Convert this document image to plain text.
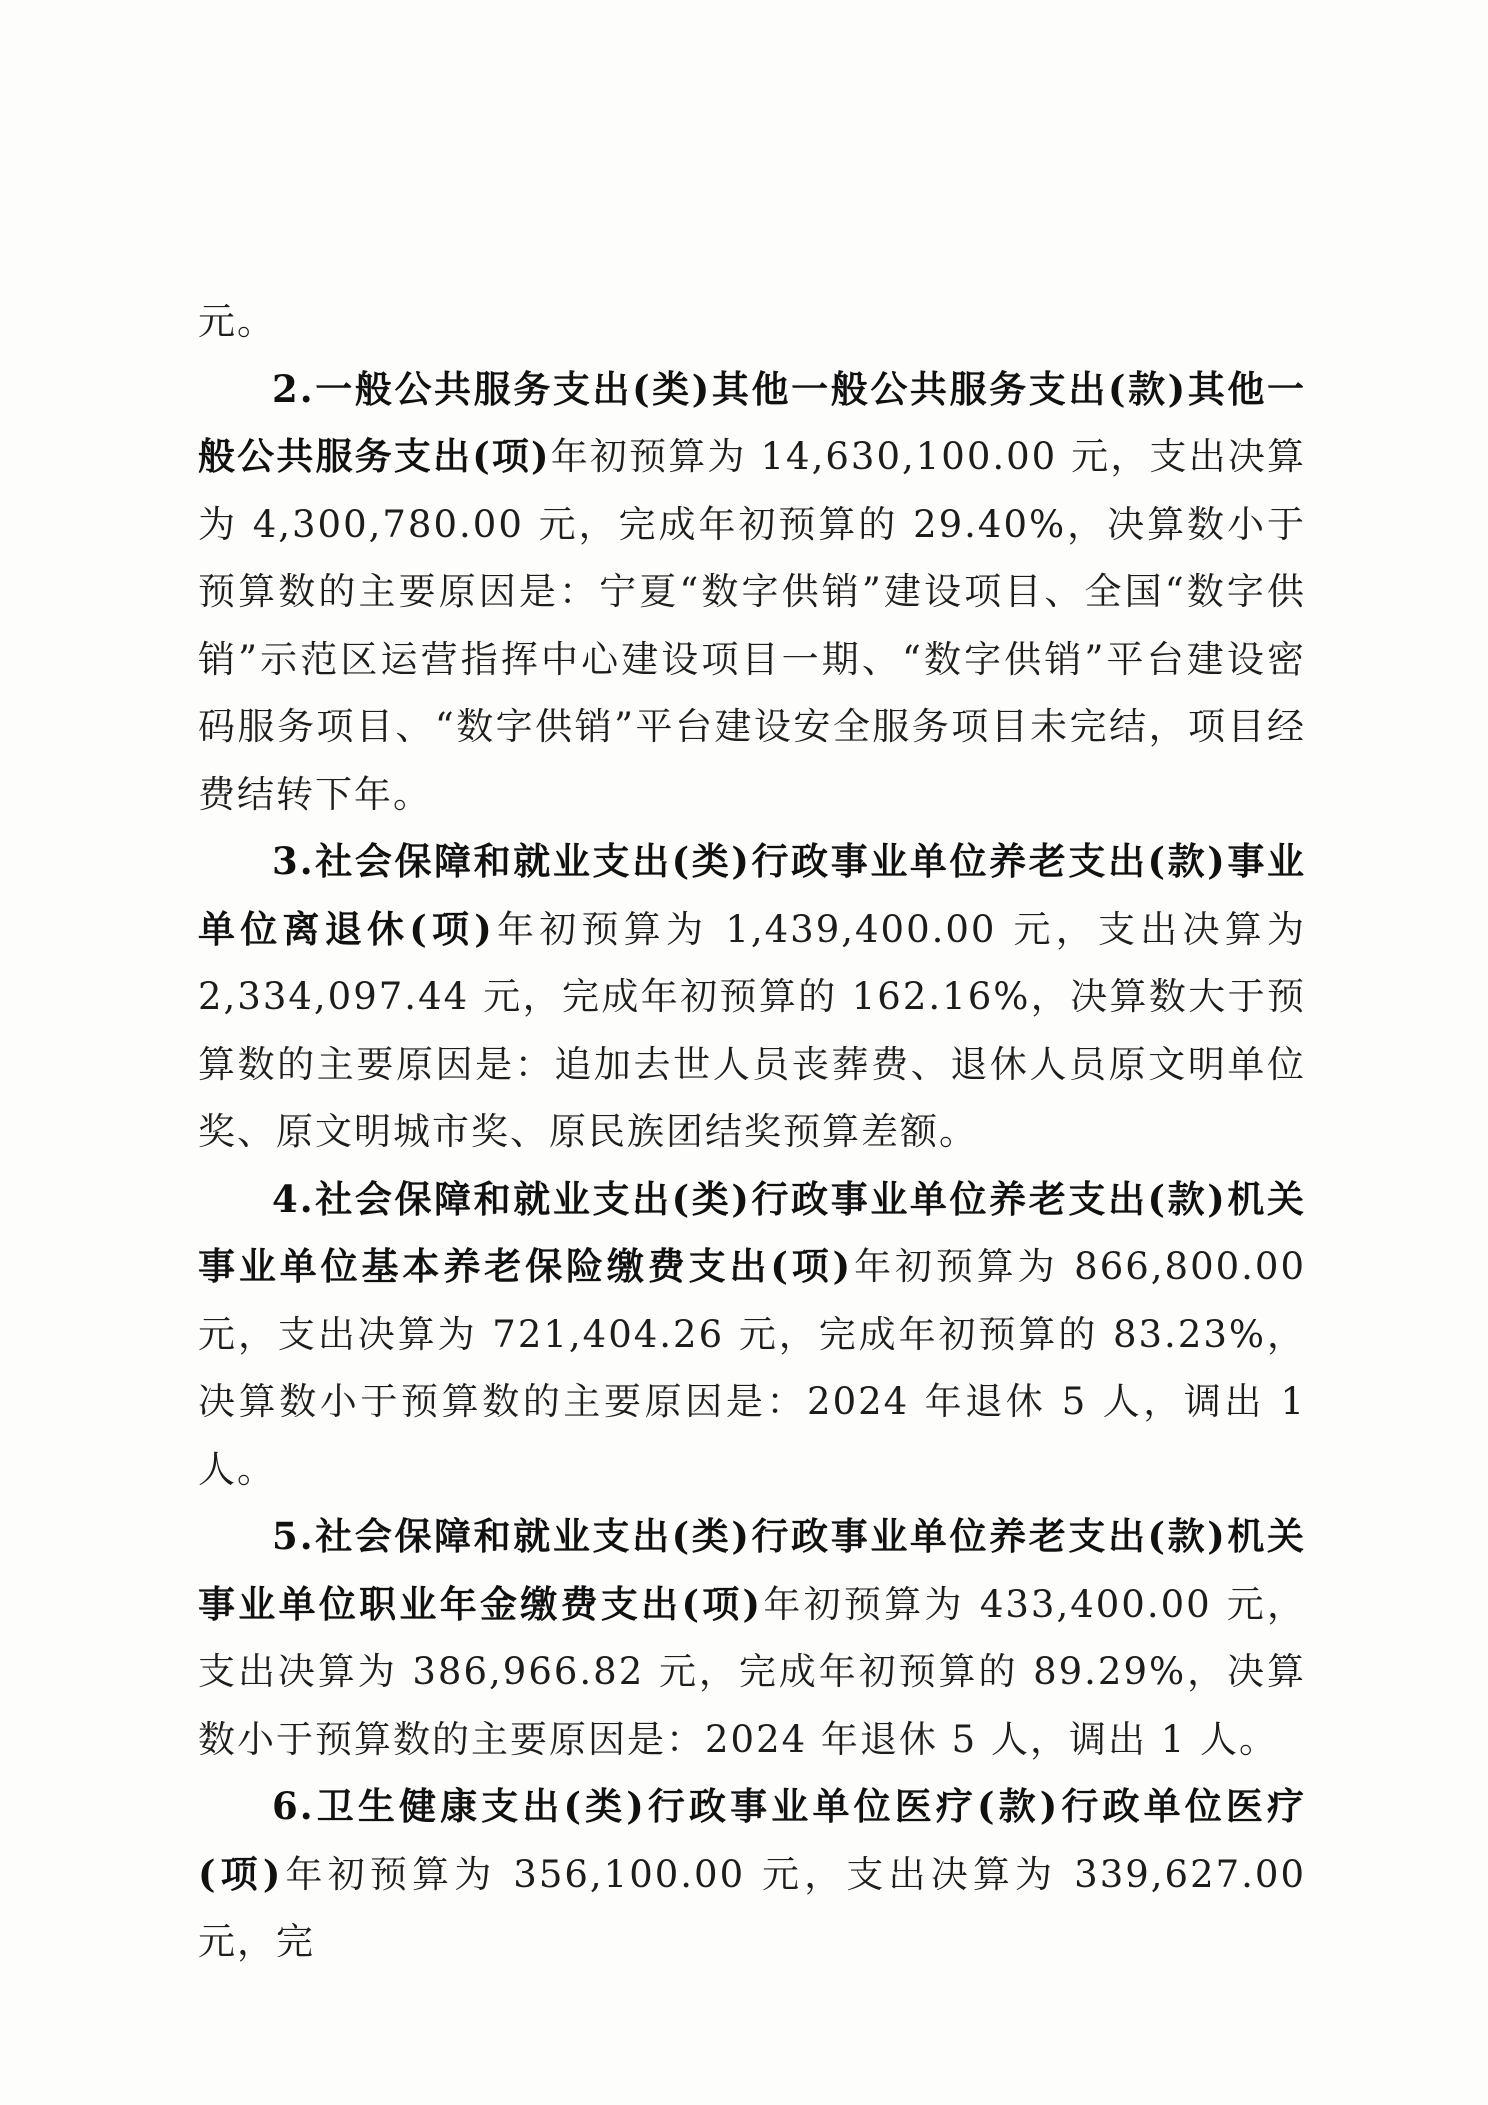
元。

2.一般公共服务支出(类)其他一般公共服务支出(款)其他一般公共服务支出(项)年初预算为 14,630,100.00 元，支出决算为 4,300,780.00 元，完成年初预算的 29.40%，决算数小于预算数的主要原因是：宁夏“数字供销”建设项目、全国“数字供销”示范区运营指挥中心建设项目一期、“数字供销”平台建设密码服务项目、“数字供销”平台建设安全服务项目未完结，项目经费结转下年。

3.社会保障和就业支出(类)行政事业单位养老支出(款)事业单位离退休(项)年初预算为 1,439,400.00 元，支出决算为 2,334,097.44 元，完成年初预算的 162.16%，决算数大于预算数的主要原因是：追加去世人员丧葬费、退休人员原文明单位奖、原文明城市奖、原民族团结奖预算差额。

4.社会保障和就业支出(类)行政事业单位养老支出(款)机关事业单位基本养老保险缴费支出(项)年初预算为 866,800.00 元，支出决算为 721,404.26 元，完成年初预算的 83.23%，决算数小于预算数的主要原因是：2024 年退休 5 人，调出 1 人。

5.社会保障和就业支出(类)行政事业单位养老支出(款)机关事业单位职业年金缴费支出(项)年初预算为 433,400.00 元，支出决算为 386,966.82 元，完成年初预算的 89.29%，决算数小于预算数的主要原因是：2024 年退休 5 人，调出 1 人。

6.卫生健康支出(类)行政事业单位医疗(款)行政单位医疗(项)年初预算为 356,100.00 元，支出决算为 339,627.00 元，完
